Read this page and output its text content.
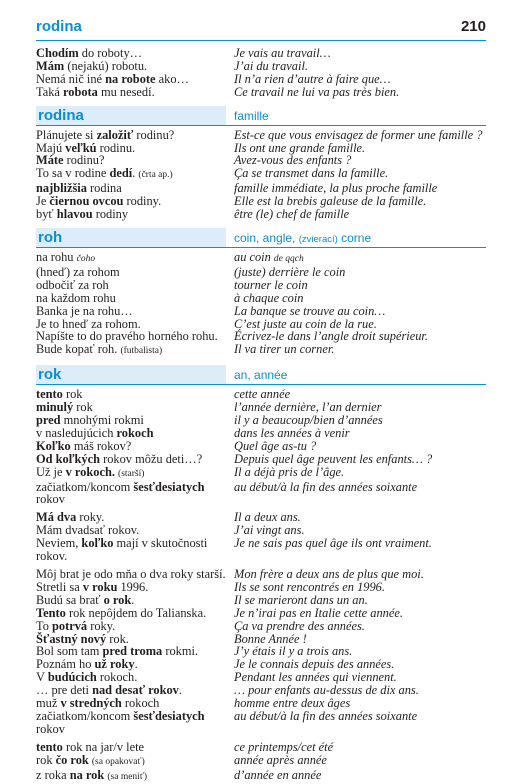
rodina	210
Chodím do roboty…	Je vais au travail…
Mám (nejakú) robotu.	J’ai du travail.
Nemá nič iné na robote ako…	Il n’a rien d’autre à faire que…
Taká robota mu nesedí.	Ce travail ne lui va pas très bien.
rodina	famille
Plánujete si založiť rodinu?	Est-ce que vous envisagez de former une famille ?
Majú veľkú rodinu.	Ils ont une grande famille.
Máte rodinu?	Avez-vous des enfants ?
To sa v rodine dedí. (črta ap.)	Ça se transmet dans la famille.
najbližšia rodina	famille immédiate, la plus proche famille
Je čiernou ovcou rodiny.	Elle est la brebis galeuse de la famille.
byť hlavou rodiny	être (le) chef de famille
roh	coin, angle, (zvierací) corne
na rohu čoho	au coin de qqch
(hneď) za rohom	(juste) derrière le coin
odbočiť za roh	tourner le coin
na každom rohu	à chaque coin
Banka je na rohu…	La banque se trouve au coin…
Je to hneď za rohom.	C’est juste au coin de la rue.
Napíšte to do pravého horného rohu.	Écrivez-le dans l’angle droit supérieur.
Bude kopať roh. (futbalista)	Il va tirer un corner.
rok	an, année
tento rok	cette année
minulý rok	l’année dernière, l’an dernier
pred mnohými rokmi	il y a beaucoup/bien d’années
v nasledujúcich rokoch	dans les années à venir
Koľko máš rokov?	Quel âge as-tu ?
Od koľkých rokov môžu deti…?	Depuis quel âge peuvent les enfants… ?
Už je v rokoch. (starší)	Il a déjà pris de l’âge.
začiatkom/koncom šesťdesiatych	au début/à la fin des années soixante
rokov
Má dva roky.	Il a deux ans.
Mám dvadsať rokov.	J’ai vingt ans.
Neviem, koľko mají v skutočnosti	Je ne sais pas quel âge ils ont vraiment.
rokov.
Môj brat je odo mňa o dva roky starší. Mon frère a deux ans de plus que moi.
Stretli sa v roku 1996.	Ils se sont rencontrés en 1996.
Budú sa brať o rok.	Il se marieront dans un an.
Tento rok nepôjdem do Talianska.	Je n’irai pas en Italie cette année.
To potrvá roky.	Ça va prendre des années.
Šťastný nový rok.	Bonne Année !
Bol som tam pred troma rokmi.	J’y étais il y a trois ans.
Poznám ho už roky.	Je le connais depuis des années.
V budúcich rokoch.	Pendant les années qui viennent.
… pre deti nad desať rokov.	… pour enfants au-dessus de dix ans.
muž v stredných rokoch	homme entre deux âges
začiatkom/koncom šesťdesiatych	au début/à la fin des années soixante
rokov
tento rok na jar/v lete	ce printemps/cet été
rok čo rok (sa opakovať)	année après année
z roka na rok (sa meniť)	d’année en année
